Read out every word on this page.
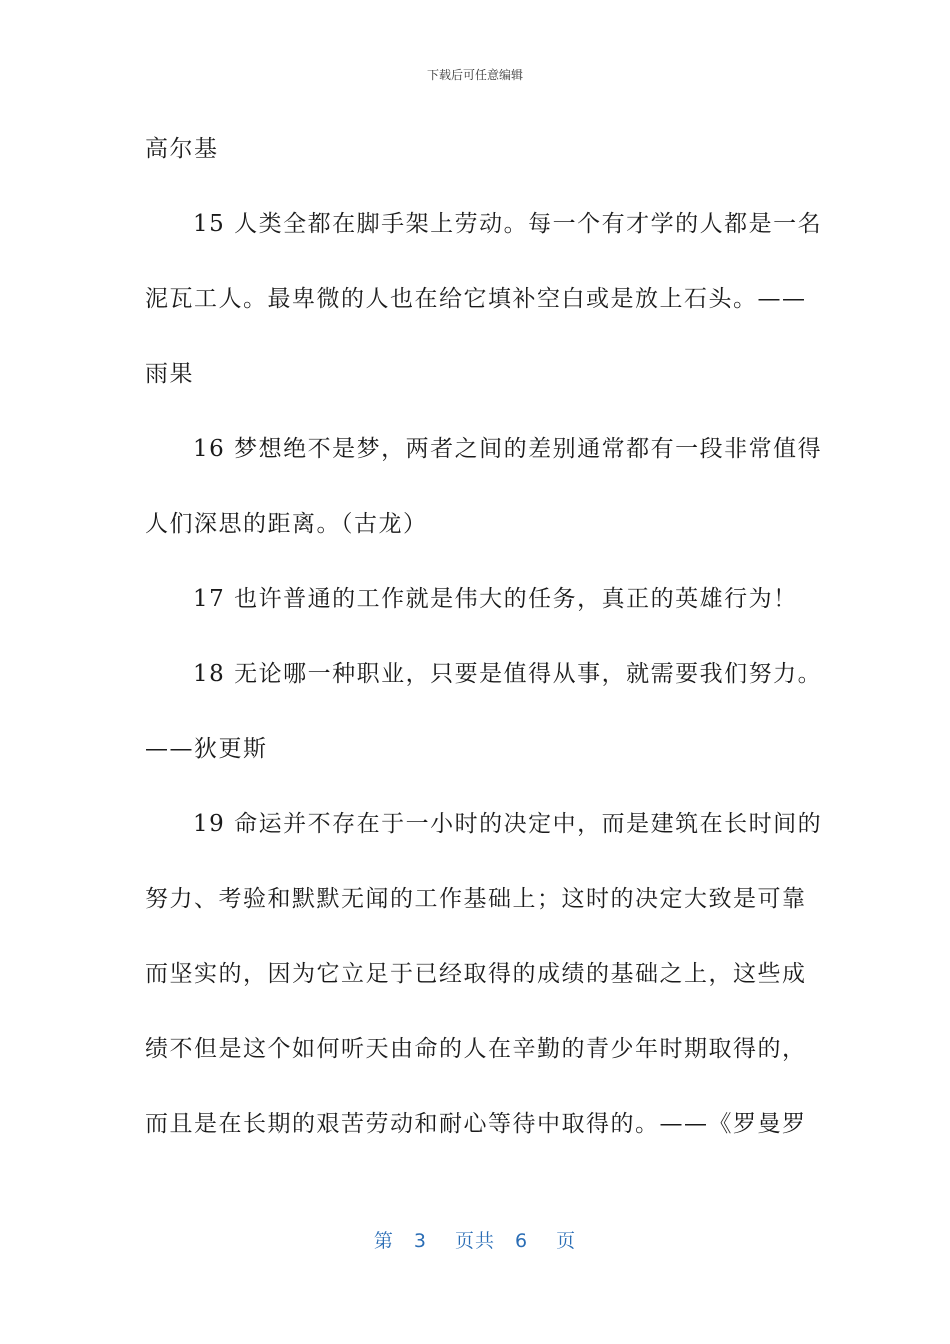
下载后可任意编辑
高尔基
15 人类全都在脚手架上劳动。每一个有才学的人都是一名
泥瓦工人。最卑微的人也在给它填补空白或是放上石头。——
雨果
16 梦想绝不是梦，两者之间的差别通常都有一段非常值得
人们深思的距离。（古龙）
17 也许普通的工作就是伟大的任务，真正的英雄行为！
18 无论哪一种职业，只要是值得从事，就需要我们努力。
——狄更斯
19 命运并不存在于一小时的决定中，而是建筑在长时间的
努力、考验和默默无闻的工作基础上；这时的决定大致是可靠
而坚实的，因为它立足于已经取得的成绩的基础之上，这些成
绩不但是这个如何听天由命的人在辛勤的青少年时期取得的，
而且是在长期的艰苦劳动和耐心等待中取得的。——《罗曼罗
第 3 页共 6 页
